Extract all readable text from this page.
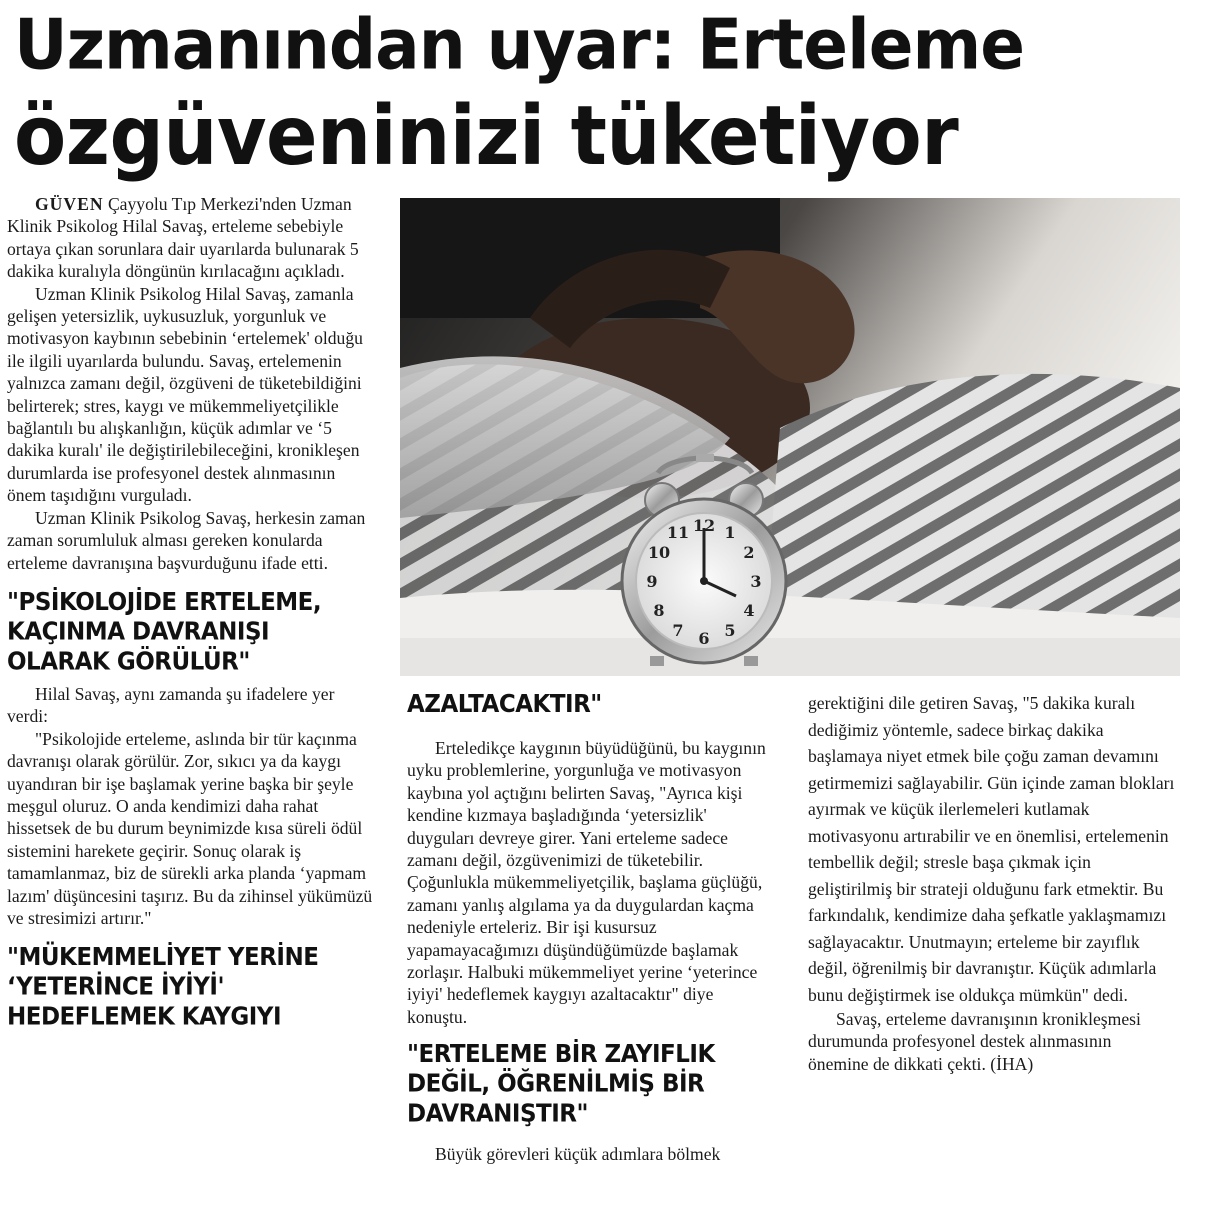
Uzmanından uyar: Erteleme
özgüveninizi tüketiyor

GÜVEN Çayyolu Tıp Merkezi'nden Uzman Klinik Psikolog Hilal Savaş, erteleme sebebiyle ortaya çıkan sorunlara dair uyarılarda bulunarak 5 dakika kuralıyla döngünün kırılacağını açıkladı.

Uzman Klinik Psikolog Hilal Savaş, zamanla gelişen yetersizlik, uykusuzluk, yorgunluk ve motivasyon kaybının sebebinin ‘ertelemek' olduğu ile ilgili uyarılarda bulundu. Savaş, ertelemenin yalnızca zamanı değil, özgüveni de tüketebildiğini belirterek; stres, kaygı ve mükemmeliyetçilikle bağlantılı bu alışkanlığın, küçük adımlar ve ‘5 dakika kuralı' ile değiştirilebileceğini, kronikleşen durumlarda ise profesyonel destek alınmasının önem taşıdığını vurguladı.

Uzman Klinik Psikolog Savaş, herkesin zaman zaman sorumluluk alması gereken konularda erteleme davranışına başvurduğunu ifade etti.

"PSİKOLOJİDE ERTELEME, KAÇINMA DAVRANIŞI OLARAK GÖRÜLÜR"

Hilal Savaş, aynı zamanda şu ifadelere yer verdi:

"Psikolojide erteleme, aslında bir tür kaçınma davranışı olarak görülür. Zor, sıkıcı ya da kaygı uyandıran bir işe başlamak yerine başka bir şeyle meşgul oluruz. O anda kendimizi daha rahat hissetsek de bu durum beynimizde kısa süreli ödül sistemini harekete geçirir. Sonuç olarak iş tamamlanmaz, biz de sürekli arka planda ‘yapmam lazım' düşüncesini taşırız. Bu da zihinsel yükümüzü ve stresimizi artırır."

"MÜKEMMELİYET YERİNE ‘YETERİNCE İYİYİ' HEDEFLEMEK KAYGIYI
12 1
2
3
4
5
6
7
8
9
10
11
AZALTACAKTIR"

Erteledikçe kaygının büyüdüğünü, bu kaygının uyku problemlerine, yorgunluğa ve motivasyon kaybına yol açtığını belirten Savaş, "Ayrıca kişi kendine kızmaya başladığında ‘yetersizlik' duyguları devreye girer. Yani erteleme sadece zamanı değil, özgüvenimizi de tüketebilir. Çoğunlukla mükemmeliyetçilik, başlama güçlüğü, zamanı yanlış algılama ya da duygulardan kaçma nedeniyle erteleriz. Bir işi kusursuz yapamayacağımızı düşündüğümüzde başlamak zorlaşır. Halbuki mükemmeliyet yerine ‘yeterince iyiyi' hedeflemek kaygıyı azaltacaktır" diye konuştu.

"ERTELEME BİR ZAYIFLIK DEĞİL, ÖĞRENİLMİŞ BİR DAVRANIŞTIR"

Büyük görevleri küçük adımlara bölmek

gerektiğini dile getiren Savaş, "5 dakika kuralı dediğimiz yöntemle, sadece birkaç dakika başlamaya niyet etmek bile çoğu zaman devamını getirmemizi sağlayabilir. Gün içinde zaman blokları ayırmak ve küçük ilerlemeleri kutlamak motivasyonu artırabilir ve en önemlisi, ertelemenin tembellik değil; stresle başa çıkmak için geliştirilmiş bir strateji olduğunu fark etmektir. Bu farkındalık, kendimize daha şefkatle yaklaşmamızı sağlayacaktır. Unutmayın; erteleme bir zayıflık değil, öğrenilmiş bir davranıştır. Küçük adımlarla bunu değiştirmek ise oldukça mümkün" dedi.

Savaş, erteleme davranışının kronikleşmesi durumunda profesyonel destek alınmasının önemine de dikkati çekti. (İHA)
